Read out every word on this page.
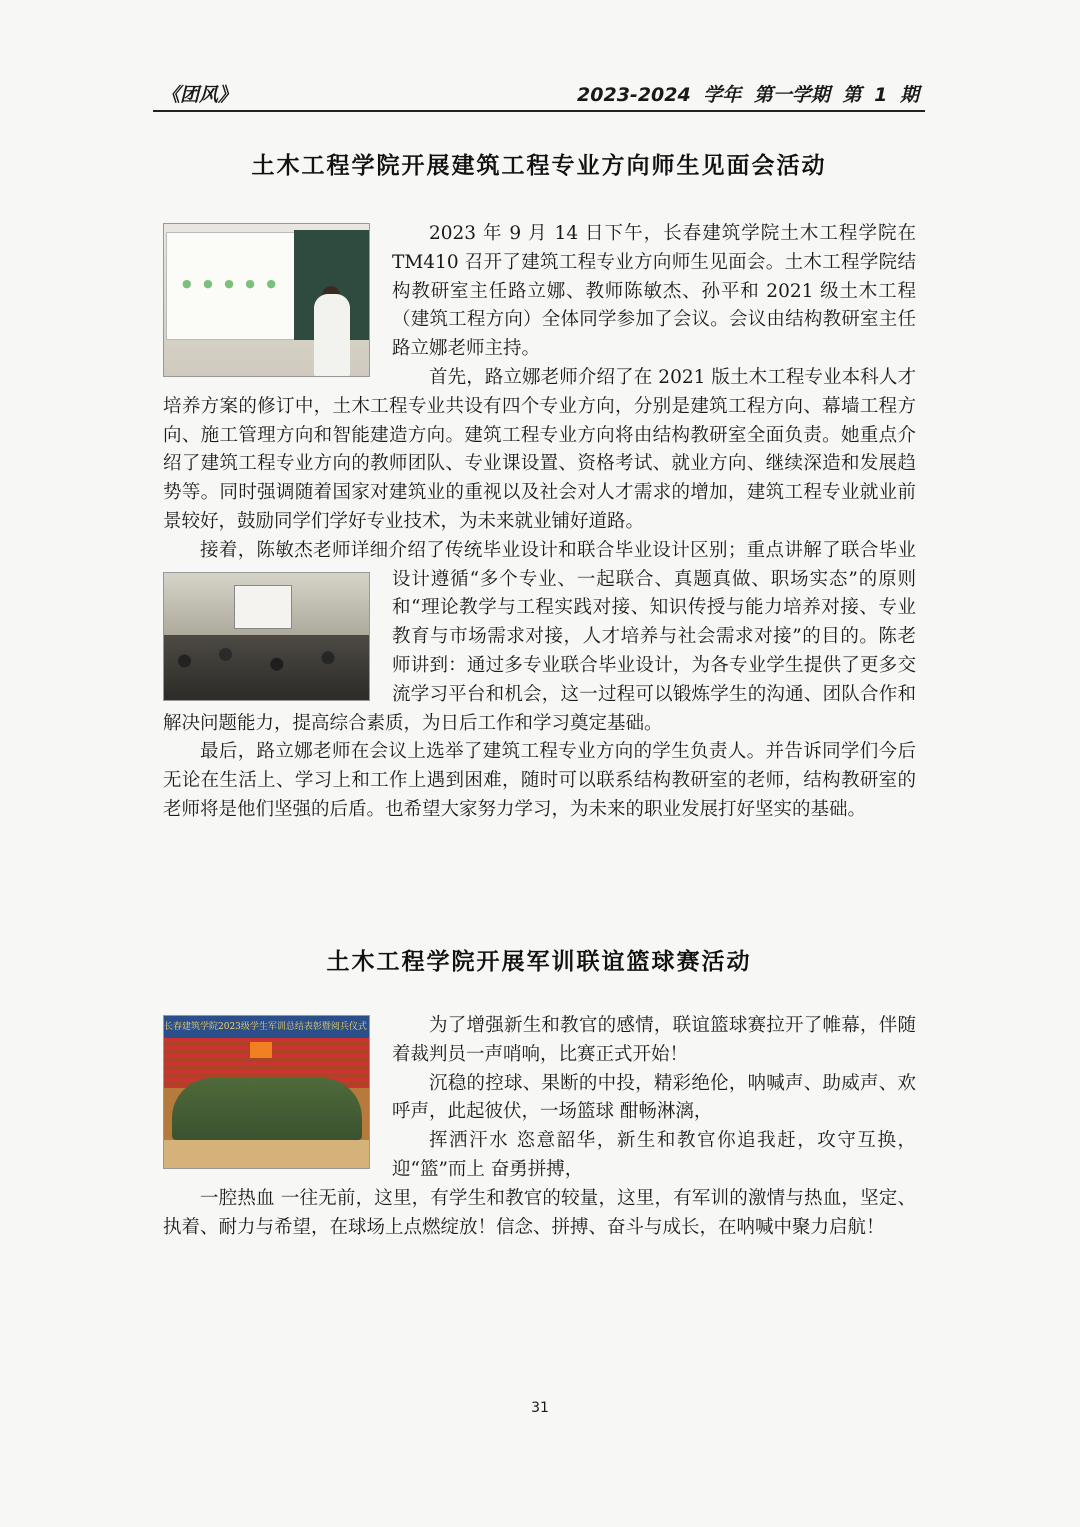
《团风》	2023-2024 学年 第一学期 第 1 期
土木工程学院开展建筑工程专业方向师生见面会活动
● ● ● ● ●

2023 年 9 月 14 日下午，长春建筑学院土木工程学院在TM410 召开了建筑工程专业方向师生见面会。土木工程学院结构教研室主任路立娜、教师陈敏杰、孙平和 2021 级土木工程（建筑工程方向）全体同学参加了会议。会议由结构教研室主任路立娜老师主持。

首先，路立娜老师介绍了在 2021 版土木工程专业本科人才培养方案的修订中，土木工程专业共设有四个专业方向，分别是建筑工程方向、幕墙工程方向、施工管理方向和智能建造方向。建筑工程专业方向将由结构教研室全面负责。她重点介绍了建筑工程专业方向的教师团队、专业课设置、资格考试、就业方向、继续深造和发展趋势等。同时强调随着国家对建筑业的重视以及社会对人才需求的增加，建筑工程专业就业前景较好，鼓励同学们学好专业技术，为未来就业铺好道路。

接着，陈敏杰老师详细介绍了传统毕业设计和联合毕业设计区别；重点讲解
了联合毕业设计遵循“多个专业、一起联合、真题真做、职场实态”的原则和“理论教学与工程实践对接、知识传授与能力培养对接、专业教育与市场需求对接，人才培养与社会需求对接”的目的。陈老师讲到：通过多专业联合毕业设计，为各专业学生提供了更多交流学习平台和机会，这一过程可以锻炼学生的沟通、团队合作和解决问题能力，提高综合素质，为日后工作和学习奠定基础。

最后，路立娜老师在会议上选举了建筑工程专业方向的学生负责人。并告诉同学们今后无论在生活上、学习上和工作上遇到困难，随时可以联系结构教研室的老师，结构教研室的老师将是他们坚强的后盾。也希望大家努力学习，为未来的职业发展打好坚实的基础。

土木工程学院开展军训联谊篮球赛活动
长春建筑学院2023级学生军训总结表彰暨阅兵仪式	为了增强新生和教官的感情，联谊篮球赛拉开了帷幕，伴随着裁判员一声哨响，比赛正式开始！

沉稳的控球、果断的中投，精彩绝伦，呐喊声、助威声、欢呼声，此起彼伏，一场篮球 酣畅淋漓，

挥洒汗水 恣意韶华，新生和教官你追我赶，攻守互换，迎“篮”而上 奋勇拼搏，

一腔热血 一往无前，这里，有学生和教官的较量，这里，有军训的激情与热血，坚定、执着、耐力与希望，在球场上点燃绽放！信念、拼搏、奋斗与成长，在呐喊中聚力启航！

31
